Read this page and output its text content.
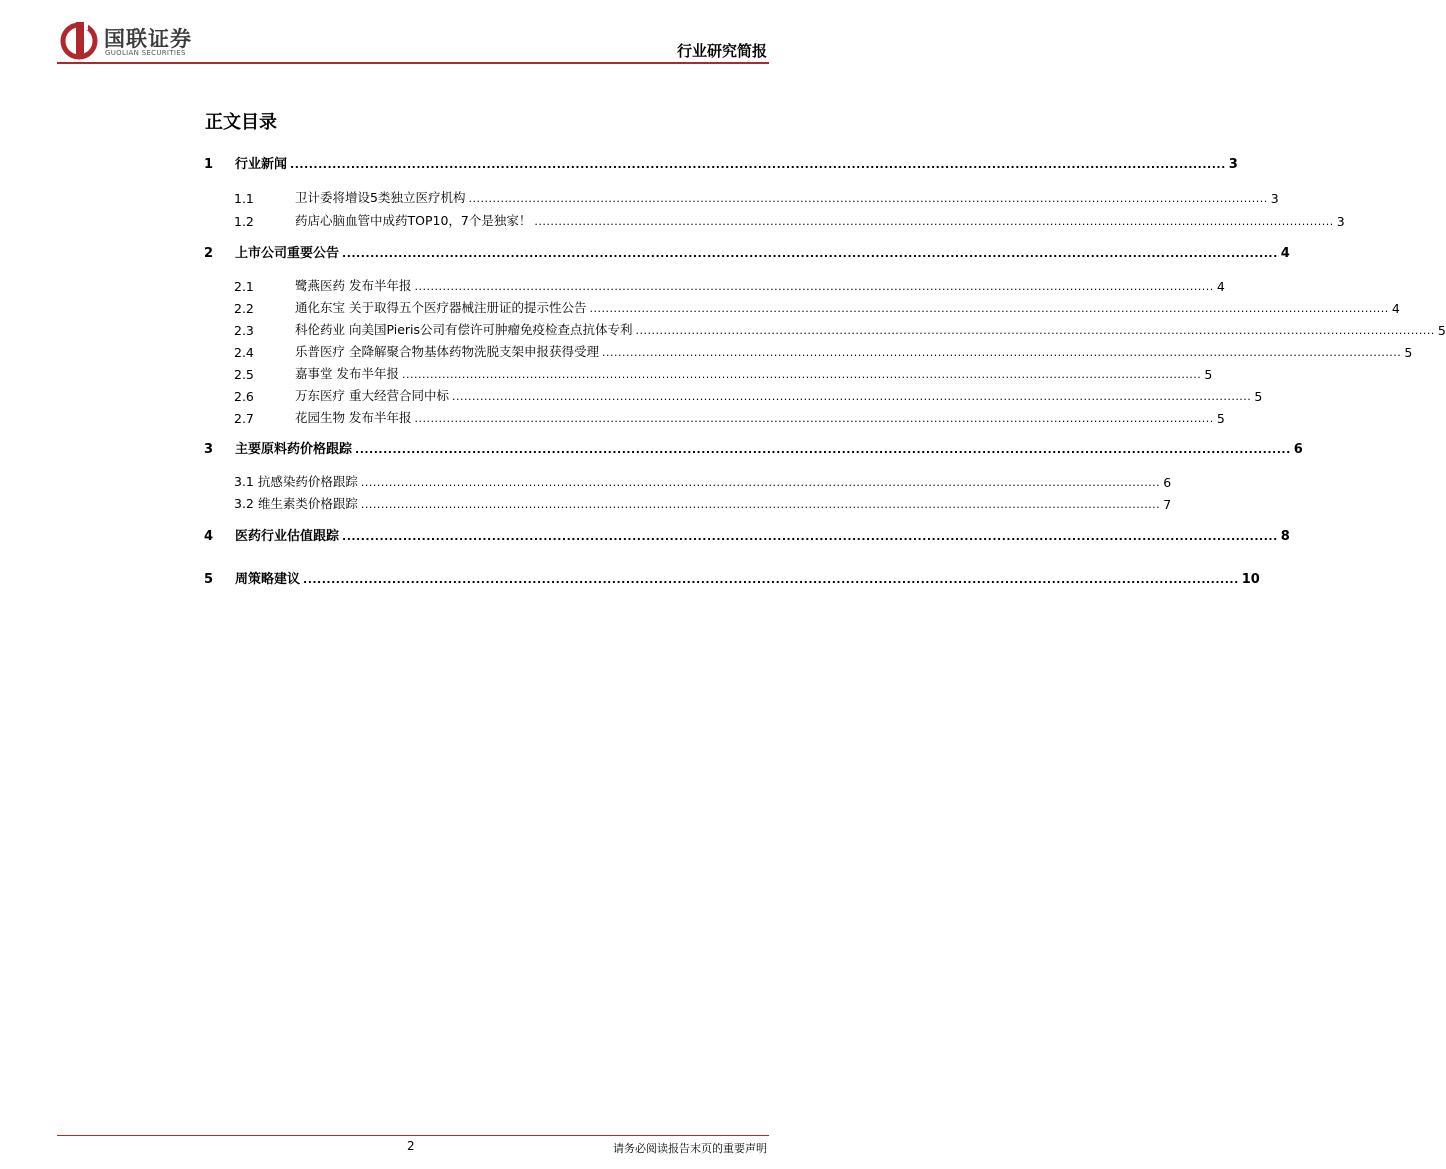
国联证券
GUOLIAN SECURITIES	行业研究简报
正文目录
1 行业新闻 ........................................................................................................................................................................................................ 3
1.1	卫计委将增设5类独立医疗机构 ........................................................................................................................................................................................................ 3
1.2	药店心脑血管中成药TOP10，7个是独家！ ........................................................................................................................................................................................................ 3
2 上市公司重要公告 ........................................................................................................................................................................................................ 4
2.1	鹭燕医药 发布半年报 ........................................................................................................................................................................................................ 4
2.2	通化东宝 关于取得五个医疗器械注册证的提示性公告 ........................................................................................................................................................................................................ 4
2.3	科伦药业 向美国Pieris公司有偿许可肿瘤免疫检查点抗体专利 ........................................................................................................................................................................................................ 5
2.4	乐普医疗 全降解聚合物基体药物洗脱支架申报获得受理 ........................................................................................................................................................................................................ 5
2.5	嘉事堂 发布半年报 ........................................................................................................................................................................................................ 5
2.6	万东医疗 重大经营合同中标 ........................................................................................................................................................................................................ 5
2.7	花园生物 发布半年报 ........................................................................................................................................................................................................ 5
3 主要原料药价格跟踪 ........................................................................................................................................................................................................ 6
3.1 抗感染药价格跟踪 ........................................................................................................................................................................................................ 6
3.2 维生素类价格跟踪 ........................................................................................................................................................................................................ 7
4 医药行业估值跟踪 ........................................................................................................................................................................................................ 8
5 周策略建议 ........................................................................................................................................................................................................ 10
2	请务必阅读报告末页的重要声明
